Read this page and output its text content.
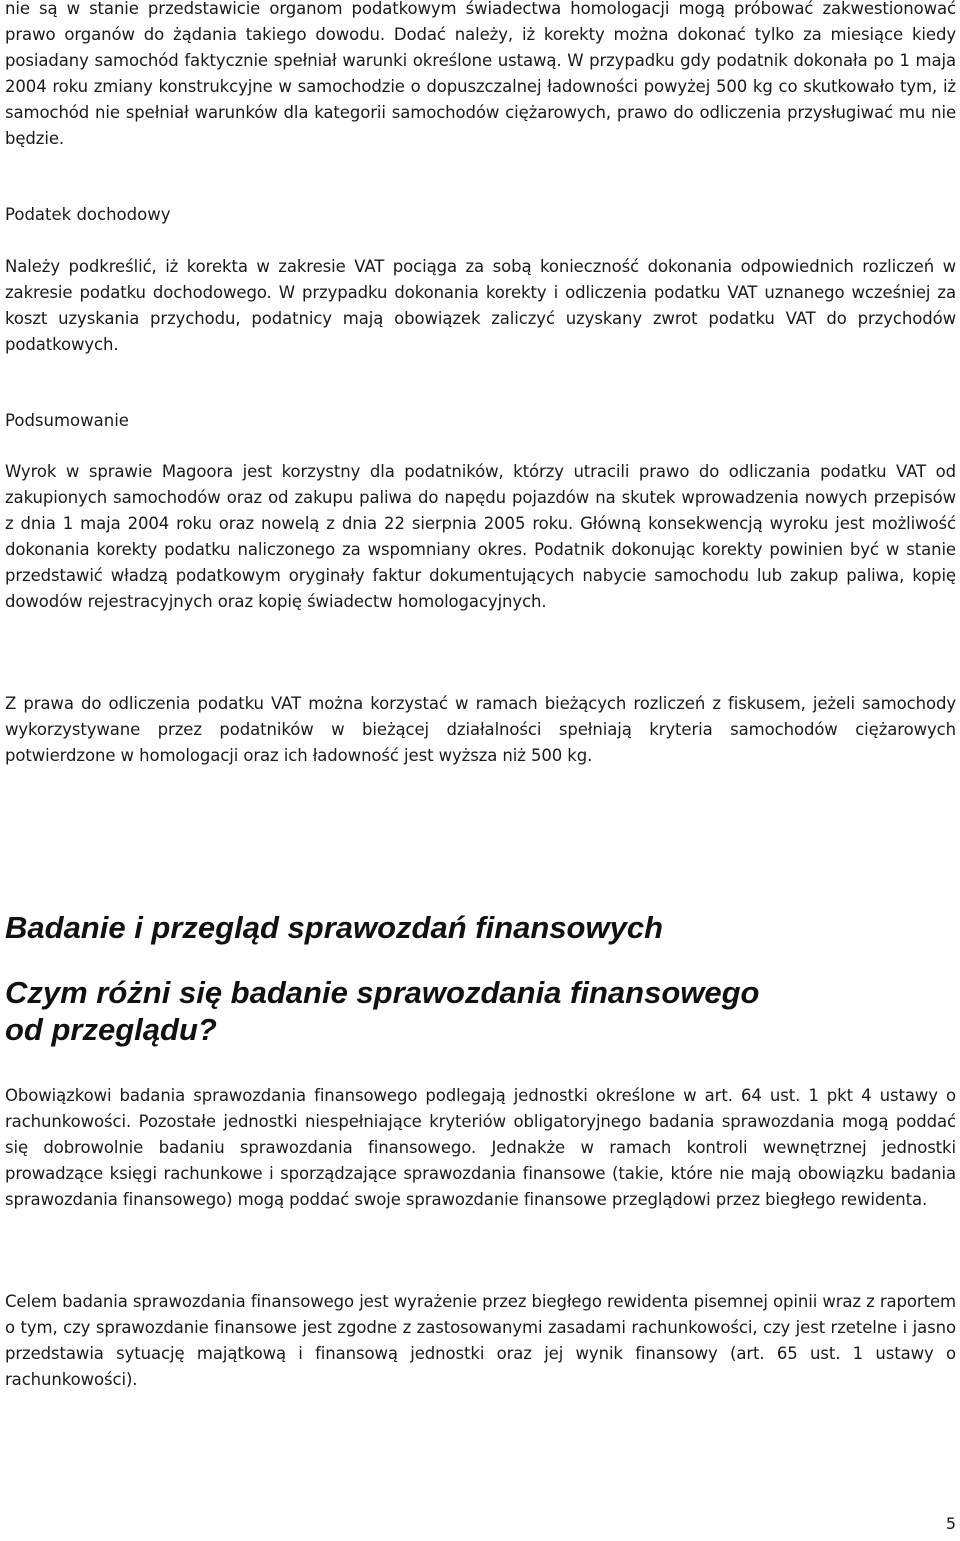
nie są w stanie przedstawicie organom podatkowym świadectwa homologacji mogą próbować zakwestionować prawo organów do żądania takiego dowodu. Dodać należy, iż korekty można dokonać tylko za miesiące kiedy posiadany samochód faktycznie spełniał warunki określone ustawą. W przypadku gdy podatnik dokonała po 1 maja 2004 roku zmiany konstrukcyjne w samochodzie o dopuszczalnej ładowności powyżej 500 kg co skutkowało tym, iż samochód nie spełniał warunków dla kategorii samochodów ciężarowych, prawo do odliczenia przysługiwać mu nie będzie.

Podatek dochodowy

Należy podkreślić, iż korekta w zakresie VAT pociąga za sobą konieczność dokonania odpowiednich rozliczeń w zakresie podatku dochodowego. W przypadku dokonania korekty i odliczenia podatku VAT uznanego wcześniej za koszt uzyskania przychodu, podatnicy mają obowiązek zaliczyć uzyskany zwrot podatku VAT do przychodów podatkowych.

Podsumowanie

Wyrok w sprawie Magoora jest korzystny dla podatników, którzy utracili prawo do odliczania podatku VAT od zakupionych samochodów oraz od zakupu paliwa do napędu pojazdów na skutek wprowadzenia nowych przepisów z dnia 1 maja 2004 roku oraz nowelą z dnia 22 sierpnia 2005 roku. Główną konsekwencją wyroku jest możliwość dokonania korekty podatku naliczonego za wspomniany okres. Podatnik dokonując korekty powinien być w stanie przedstawić władzą podatkowym oryginały faktur dokumentujących nabycie samochodu lub zakup paliwa, kopię dowodów rejestracyjnych oraz kopię świadectw homologacyjnych.

Z prawa do odliczenia podatku VAT można korzystać w ramach bieżących rozliczeń z fiskusem, jeżeli samochody wykorzystywane przez podatników w bieżącej działalności spełniają kryteria samochodów ciężarowych potwierdzone w homologacji oraz ich ładowność jest wyższa niż 500 kg.

Badanie i przegląd sprawozdań finansowych
Czym różni się badanie sprawozdania finansowego
od przeglądu?

Obowiązkowi badania sprawozdania finansowego podlegają jednostki określone w art. 64 ust. 1 pkt 4 ustawy o rachunkowości. Pozostałe jednostki niespełniające kryteriów obligatoryjnego badania sprawozdania mogą poddać się dobrowolnie badaniu sprawozdania finansowego. Jednakże w ramach kontroli wewnętrznej jednostki prowadzące księgi rachunkowe i sporządzające sprawozdania finansowe (takie, które nie mają obowiązku badania sprawozdania finansowego) mogą poddać swoje sprawozdanie finansowe przeglądowi przez biegłego rewidenta.

Celem badania sprawozdania finansowego jest wyrażenie przez biegłego rewidenta pisemnej opinii wraz z raportem o tym, czy sprawozdanie finansowe jest zgodne z zastosowanymi zasadami rachunkowości, czy jest rzetelne i jasno przedstawia sytuację majątkową i finansową jednostki oraz jej wynik finansowy (art. 65 ust. 1 ustawy o rachunkowości).

5
